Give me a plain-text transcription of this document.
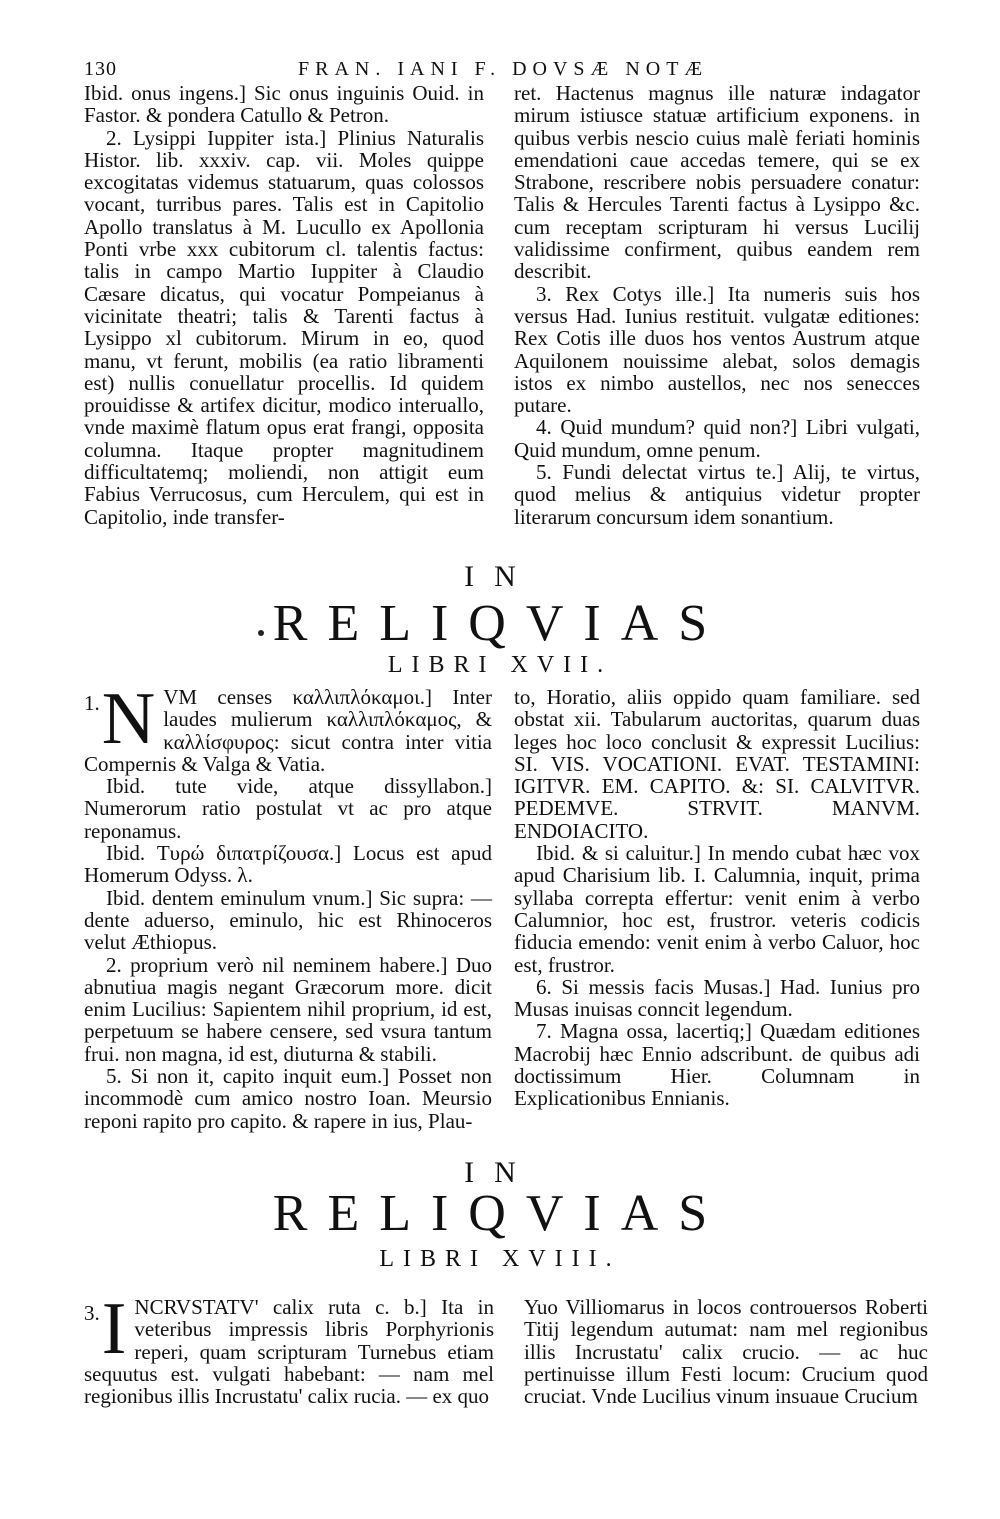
130	FRAN. IANI F. DOVSÆ NOTÆ

Ibid. onus ingens.] Sic onus inguinis Ouid. in Fastor. & pondera Catullo & Petron.

2. Lysippi Iuppiter ista.] Plinius Naturalis Histor. lib. xxxiv. cap. vii. Moles quippe excogitatas videmus statuarum, quas colossos vocant, turribus pares. Talis est in Capitolio Apollo translatus à M. Lucullo ex Apollonia Ponti vrbe xxx cubitorum cl. talentis factus: talis in campo Martio Iuppiter à Claudio Cæsare dicatus, qui vocatur Pompeianus à vicinitate theatri; talis & Tarenti factus à Lysippo xl cubitorum. Mirum in eo, quod manu, vt ferunt, mobilis (ea ratio libramenti est) nullis conuellatur procellis. Id quidem prouidisse & artifex dicitur, modico interuallo, vnde maximè flatum opus erat frangi, opposita columna. Itaque propter magnitudinem difficultatemq; moliendi, non attigit eum Fabius Verrucosus, cum Herculem, qui est in Capitolio, inde transfer-

ret. Hactenus magnus ille naturæ indagator mirum istiusce statuæ artificium exponens. in quibus verbis nescio cuius malè feriati hominis emendationi caue accedas temere, qui se ex Strabone, rescribere nobis persuadere conatur: Talis & Hercules Tarenti factus à Lysippo &c. cum receptam scripturam hi versus Lucilij validissime confirment, quibus eandem rem describit.

3. Rex Cotys ille.] Ita numeris suis hos versus Had. Iunius restituit. vulgatæ editiones: Rex Cotis ille duos hos ventos Austrum atque Aquilonem nouissime alebat, solos demagis istos ex nimbo austellos, nec nos senecces putare.

4. Quid mundum? quid non?] Libri vulgati, Quid mundum, omne penum.

5. Fundi delectat virtus te.] Alij, te virtus, quod melius & antiquius videtur propter literarum concursum idem sonantium.

IN
RELIQVIAS
LIBRI XVII.

1. N VM censes καλλιπλόκαμοι.] Inter laudes mulierum καλλιπλόκαμος, & καλλίσφυρος: sicut contra inter vitia Compernis & Valga & Vatia.

Ibid. tute vide, atque dissyllabon.] Numerorum ratio postulat vt ac pro atque reponamus.

Ibid. Τυρώ διπατρίζουσα.] Locus est apud Homerum Odyss. λ.

Ibid. dentem eminulum vnum.] Sic supra: — dente aduerso, eminulo, hic est Rhinoceros velut Æthiopus.

2. proprium verò nil neminem habere.] Duo abnutiua magis negant Græcorum more. dicit enim Lucilius: Sapientem nihil proprium, id est, perpetuum se habere censere, sed vsura tantum frui. non magna, id est, diuturna & stabili.

5. Si non it, capito inquit eum.] Posset non incommodè cum amico nostro Ioan. Meursio reponi rapito pro capito. & rapere in ius, Plau-

to, Horatio, aliis oppido quam familiare. sed obstat xii. Tabularum auctoritas, quarum duas leges hoc loco conclusit & expressit Lucilius: SI. VIS. VOCATIONI. EVAT. TESTAMINI: IGITVR. EM. CAPITO. &: SI. CALVITVR. PEDEMVE. STRVIT. MANVM. ENDOIACITO.

Ibid. & si caluitur.] In mendo cubat hæc vox apud Charisium lib. I. Calumnia, inquit, prima syllaba correpta effertur: venit enim à verbo Calumnior, hoc est, frustror. veteris codicis fiducia emendo: venit enim à verbo Caluor, hoc est, frustror.

6. Si messis facis Musas.] Had. Iunius pro Musas inuisas conncit legendum.

7. Magna ossa, lacertiq;] Quædam editiones Macrobij hæc Ennio adscribunt. de quibus adi doctissimum Hier. Columnam in Explicationibus Ennianis.

IN
RELIQVIAS
LIBRI XVIII.

3. I NCRVSTATV' calix ruta c. b.] Ita in veteribus impressis libris Porphyrionis reperi, quam scripturam Turnebus etiam sequutus est. vulgati habebant: — nam mel regionibus illis Incrustatu' calix rucia. — ex quo

Yuo Villiomarus in locos controuersos Roberti Titij legendum autumat: nam mel regionibus illis Incrustatu' calix crucio. — ac huc pertinuisse illum Festi locum: Crucium quod cruciat. Vnde Lucilius vinum insuaue Crucium
